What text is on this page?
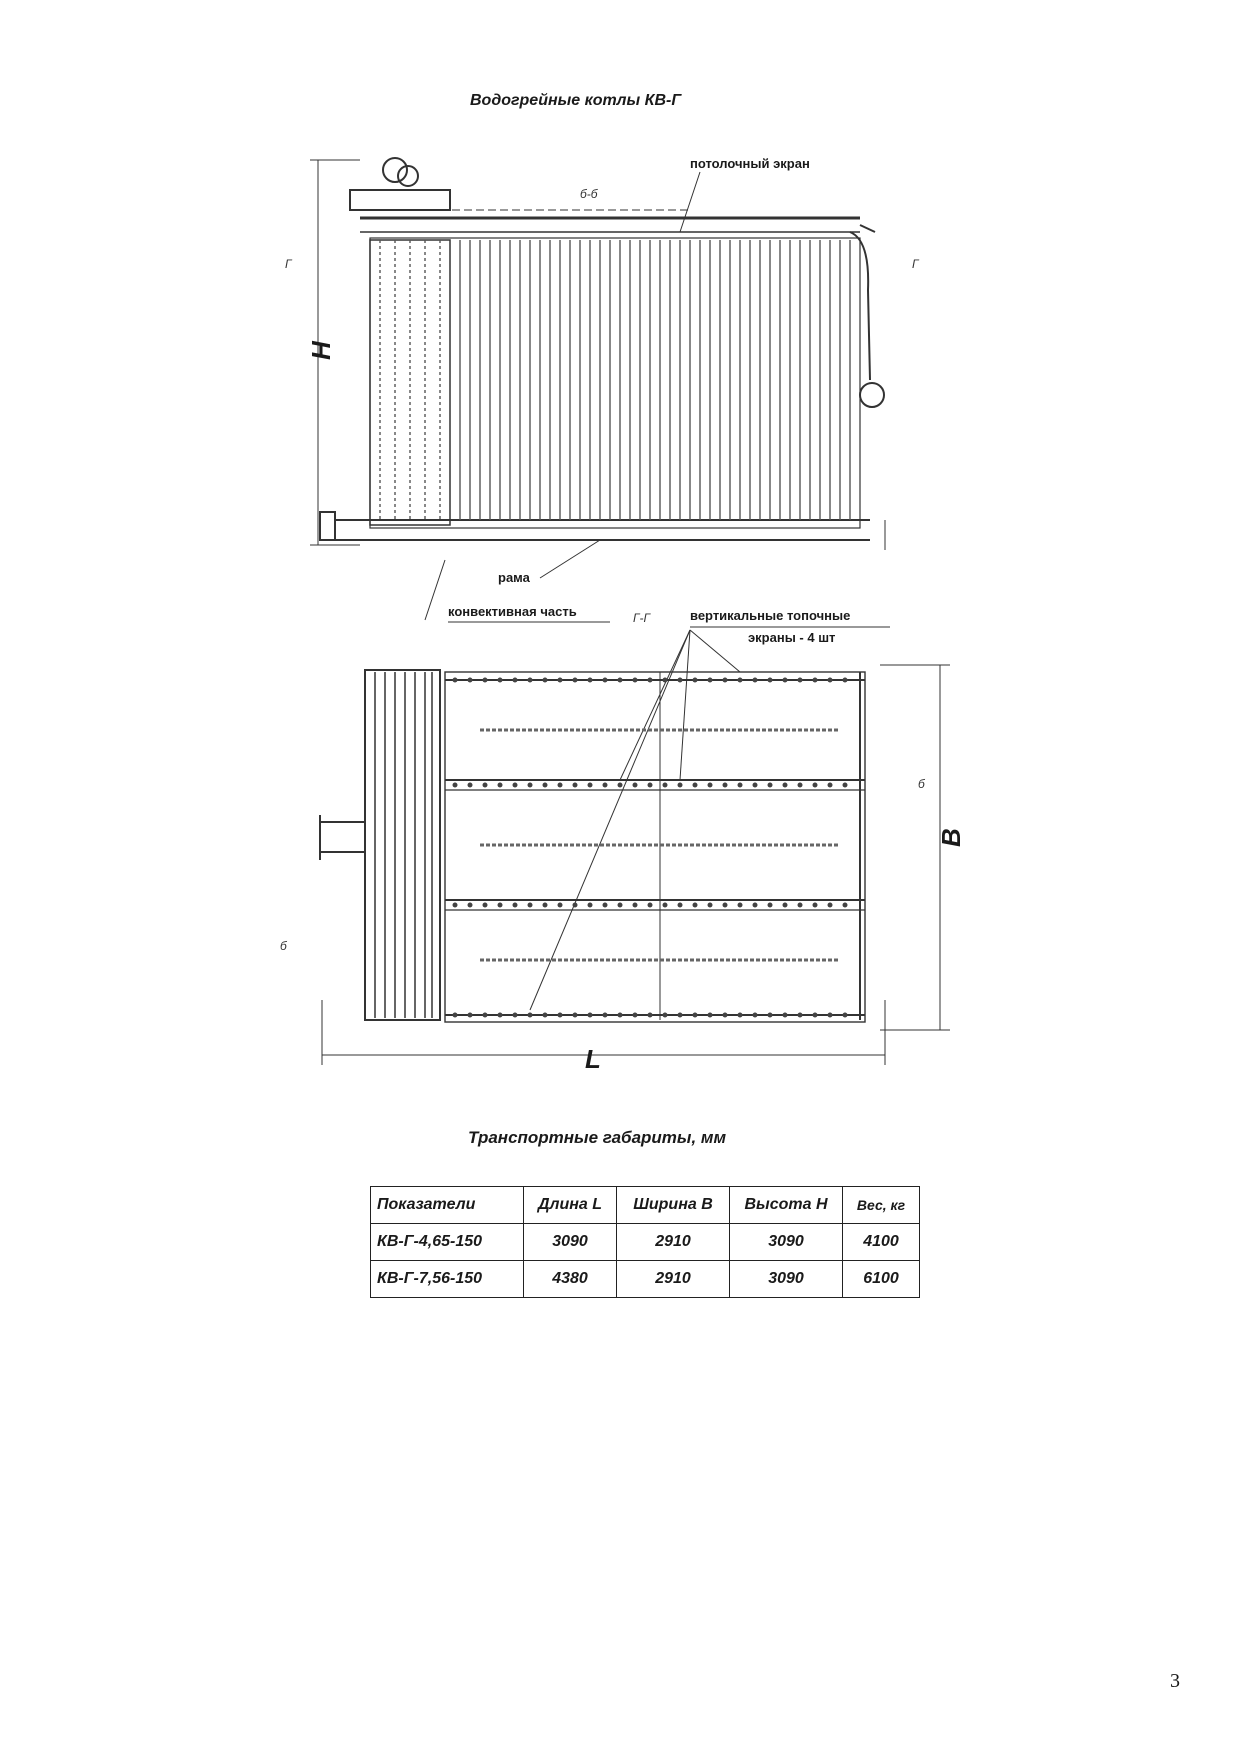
Водогрейные котлы КВ-Г
б-б
потолочный экран
H
Г	Г
рама
конвективная часть	Г-Г	вертикальные топочные
экраны - 4 шт
B
L
б
б
Транспортные габариты, мм
Показатели	Длина L	Ширина B	Высота H	Вес, кг
КВ-Г-4,65-150	3090	2910	3090	4100
КВ-Г-7,56-150	4380	2910	3090	6100
3
